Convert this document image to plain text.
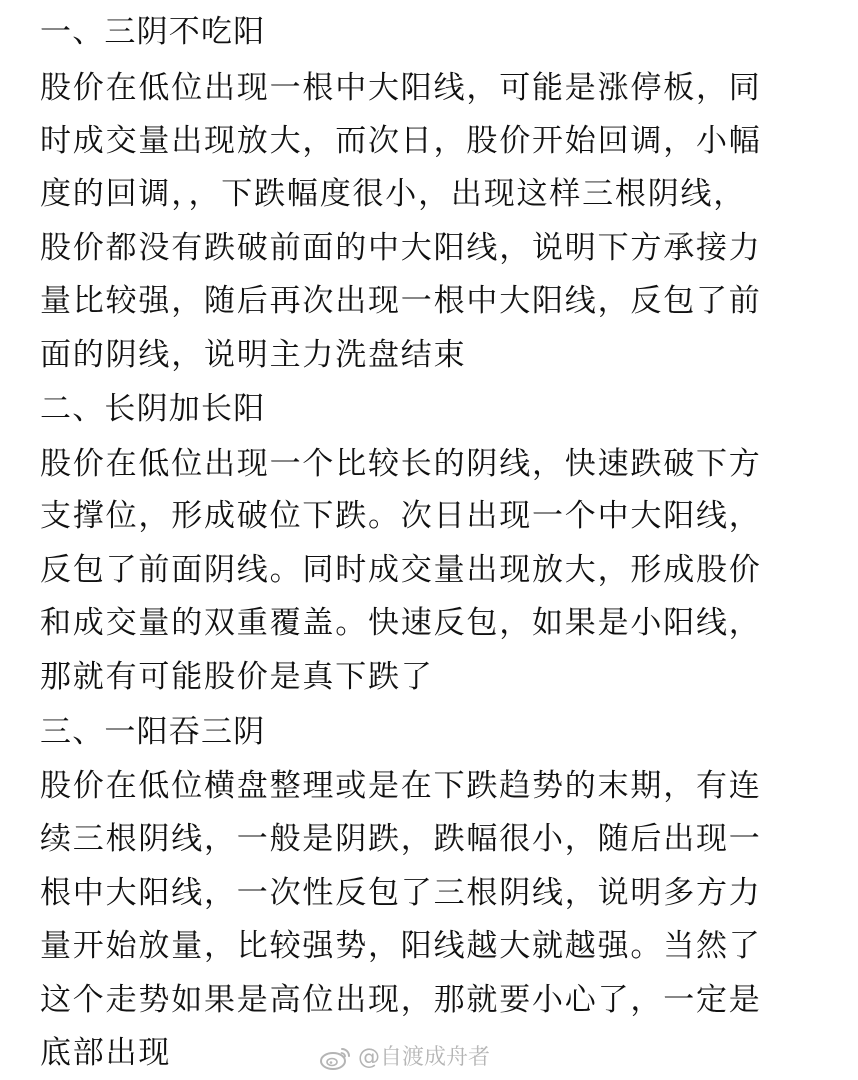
一、三阴不吃阳
股价在低位出现一根中大阳线，可能是涨停板，同
时成交量出现放大，而次日，股价开始回调，小幅
度的回调，，下跌幅度很小，出现这样三根阴线，
股价都没有跌破前面的中大阳线，说明下方承接力
量比较强，随后再次出现一根中大阳线，反包了前
面的阴线，说明主力洗盘结束
二、长阴加长阳
股价在低位出现一个比较长的阴线，快速跌破下方
支撑位，形成破位下跌。次日出现一个中大阳线，
反包了前面阴线。同时成交量出现放大，形成股价
和成交量的双重覆盖。快速反包，如果是小阳线，
那就有可能股价是真下跌了
三、一阳吞三阴
股价在低位横盘整理或是在下跌趋势的末期，有连
续三根阴线，一般是阴跌，跌幅很小，随后出现一
根中大阳线，一次性反包了三根阴线，说明多方力
量开始放量，比较强势，阳线越大就越强。当然了
这个走势如果是高位出现，那就要小心了，一定是
底部出现	@自渡成舟者
